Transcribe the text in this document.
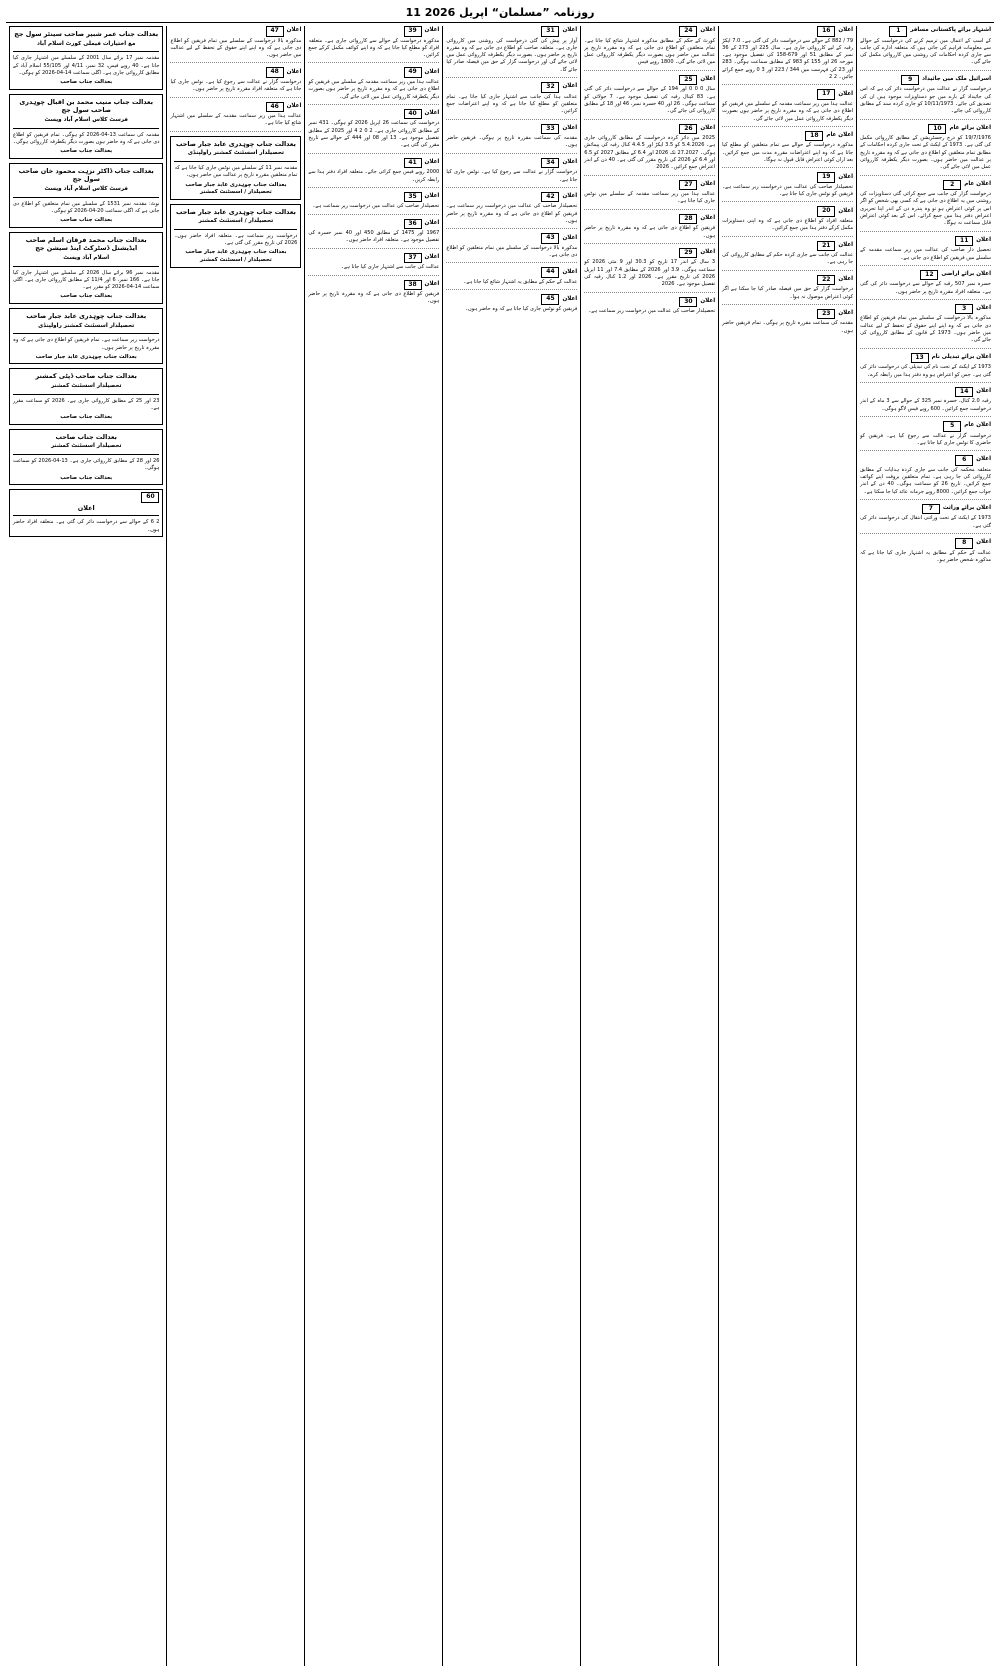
روزنامہ ”مسلمان“ 11 اپریل 2026
1	اشتہار برائے پاکستانی مسافر
کے اسپ کے اعمال میں ترمیم کرنے کی درخواست کے حوالے سے معلومات فراہم کی جاتی ہیں کہ متعلقہ ادارے کی جانب سے جاری کردہ احکامات کی روشنی میں کارروائی مکمل کی جائے گی۔
9	اسرائیل ملک میں جائیداد
درخواست گزار نے عدالت میں درخواست دائر کی ہے کہ اس کی جائیداد کے بارے میں جو دستاویزات موجود ہیں ان کی تصدیق کی جائے۔ 10/11/1973 کو جاری کردہ سند کے مطابق کارروائی کی جائے۔
10	اعلان برائے عام
19/7/1976 کو درج رجسٹریشن کے مطابق کارروائی مکمل کی گئی ہے۔ 1973 کے ایکٹ کے تحت جاری کردہ احکامات کے مطابق تمام متعلقین کو اطلاع دی جاتی ہے کہ وہ مقررہ تاریخ پر عدالت میں حاضر ہوں۔ بصورت دیگر یکطرفہ کارروائی عمل میں لائی جائے گی۔
2	اعلان عام
درخواست گزار کی جانب سے جمع کرائی گئی دستاویزات کی روشنی میں یہ اطلاع دی جاتی ہے کہ کسی بھی شخص کو اگر اس پر کوئی اعتراض ہو تو وہ پندرہ دن کے اندر اپنا تحریری اعتراض دفتر ہذا میں جمع کرائے۔ اس کے بعد کوئی اعتراض قابل سماعت نہ ہوگا۔
11	اعلان
تحصیل دار صاحب کی عدالت میں زیر سماعت مقدمہ کے سلسلے میں فریقین کو اطلاع دی جاتی ہے۔
12	اعلان برائے اراضی
خسرہ نمبر 507 رقبہ کے حوالے سے درخواست دائر کی گئی ہے۔ متعلقہ افراد مقررہ تاریخ پر حاضر ہوں۔
3	اعلان
مذکورہ بالا درخواست کے سلسلے میں تمام فریقین کو اطلاع دی جاتی ہے کہ وہ اپنے اپنے حقوق کے تحفظ کے لیے عدالت میں حاضر ہوں۔ 1973 کے قانون کے مطابق کارروائی کی جائے گی۔
13	اعلان برائے تبدیلی نام
1973 کے ایکٹ کے تحت نام کی تبدیلی کی درخواست دائر کی گئی ہے۔ جس کو اعتراض ہو وہ دفتر ہذا میں رابطہ کرے۔
14	اعلان
رقبہ 2.0 کنال، خسرہ نمبر 325 کے حوالے سے 3 ماہ کے اندر درخواست جمع کرائیں۔ 600 روپے فیس لاگو ہوگی۔
5	اعلان عام
درخواست گزار نے عدالت سے رجوع کیا ہے۔ فریقین کو حاضری کا نوٹس جاری کیا جاتا ہے۔
6	اعلان
متعلقہ محکمہ کی جانب سے جاری کردہ ہدایات کے مطابق کارروائی کی جا رہی ہے۔ تمام متعلقین بروقت اپنے کوائف جمع کرائیں۔ تاریخ 26 کو سماعت ہوگی۔ 40 دن کے اندر جواب جمع کرائیں۔ 8000 روپے جرمانہ عائد کیا جا سکتا ہے۔
7	اعلان برائے وراثت
1973 کے ایکٹ کے تحت وراثتی انتقال کی درخواست دائر کی گئی ہے۔
8	اعلان
عدالت کے حکم کے مطابق یہ اشتہار جاری کیا جاتا ہے کہ مذکورہ شخص حاضر ہو۔
16	اعلان
79 / 882 کے حوالے سے درخواست دائر کی گئی ہے۔ 7.0 ایکڑ رقبہ کے لیے کارروائی جاری ہے۔ سال 225 اور 273 کے 36 نمبر کے مطابق 51 اور 679-158 کی تفصیل موجود ہے۔ مورخہ 26 اور 155 کو 983 کے مطابق سماعت ہوگی۔ 283 اور 23 کی فہرست میں 344 / 223 اور 3 0 روپے جمع کرائے جائیں۔ 2 2
17	اعلان
عدالت ہذا میں زیر سماعت مقدمہ کے سلسلے میں فریقین کو اطلاع دی جاتی ہے کہ وہ مقررہ تاریخ پر حاضر ہوں بصورت دیگر یکطرفہ کارروائی عمل میں لائی جائے گی۔
18	اعلان عام
مذکورہ درخواست کے حوالے سے تمام متعلقین کو مطلع کیا جاتا ہے کہ وہ اپنے اعتراضات مقررہ مدت میں جمع کرائیں۔ بعد ازاں کوئی اعتراض قابل قبول نہ ہوگا۔
19	اعلان
تحصیلدار صاحب کی عدالت میں درخواست زیر سماعت ہے۔ فریقین کو نوٹس جاری کیا جاتا ہے۔
20	اعلان
متعلقہ افراد کو اطلاع دی جاتی ہے کہ وہ اپنی دستاویزات مکمل کرکے دفتر ہذا میں جمع کرائیں۔
21	اعلان
عدالت کی جانب سے جاری کردہ حکم کے مطابق کارروائی کی جا رہی ہے۔
22	اعلان
درخواست گزار کے حق میں فیصلہ صادر کیا جا سکتا ہے اگر کوئی اعتراض موصول نہ ہوا۔
23	اعلان
مقدمہ کی سماعت مقررہ تاریخ پر ہوگی۔ تمام فریقین حاضر ہوں۔
24	اعلان
کورٹ کے حکم کے مطابق مذکورہ اشتہار شائع کیا جاتا ہے۔ تمام متعلقین کو اطلاع دی جاتی ہے کہ وہ مقررہ تاریخ پر عدالت میں حاضر ہوں بصورت دیگر یکطرفہ کارروائی عمل میں لائی جائے گی۔ 1800 روپے فیس
25	اعلان
سال 0 0 0 اور 194 کے حوالے سے درخواست دائر کی گئی ہے۔ 83 کینال رقبہ کی تفصیل موجود ہے۔ 7 جولائی کو سماعت ہوگی۔ 26 اور 40 خسرہ نمبر، 46 اور 18 کے مطابق کارروائی کی جائے گی۔
26	اعلان
2025 میں دائر کردہ درخواست کے مطابق کارروائی جاری ہے۔ 5.4.2026 کو 3.5 ایکڑ اور 4.4.5 کنال رقبہ کی پیمائش ہوگی۔ 27.2027 تک 2026 اور 6.4 کے مطابق 2027 کو 6.5 اور 6.4 کو 2026 کی تاریخ مقرر کی گئی ہے۔ 40 دن کے اندر اعتراض جمع کرائیں۔ 2026
27	اعلان
عدالت ہذا میں زیر سماعت مقدمہ کے سلسلے میں نوٹس جاری کیا جاتا ہے۔
28	اعلان
فریقین کو اطلاع دی جاتی ہے کہ وہ مقررہ تاریخ پر حاضر ہوں۔
29	اعلان
3 سال کے اندر 17 تاریخ کو 30.3 اور 9 مئی 2026 کو سماعت ہوگی۔ 3.9 اور 2026 کے مطابق 7.4 اور 11 اپریل 2026 کی تاریخ مقرر ہے۔ 2026 اور 1.2 کنال رقبہ کی تفصیل موجود ہے۔ 2026
30	اعلان
تحصیلدار صاحب کی عدالت میں درخواست زیر سماعت ہے۔
31	اعلان
آواز پر پیش کی گئی درخواست کی روشنی میں کارروائی جاری ہے۔ متعلقہ صاحب کو اطلاع دی جاتی ہے کہ وہ مقررہ تاریخ پر حاضر ہوں۔ بصورت دیگر یکطرفہ کارروائی عمل میں لائی جائے گی اور درخواست گزار کے حق میں فیصلہ صادر کیا جائے گا۔
32	اعلان
عدالت ہذا کی جانب سے اشتہار جاری کیا جاتا ہے۔ تمام متعلقین کو مطلع کیا جاتا ہے کہ وہ اپنے اعتراضات جمع کرائیں۔
33	اعلان
مقدمہ کی سماعت مقررہ تاریخ پر ہوگی۔ فریقین حاضر ہوں۔
34	اعلان
درخواست گزار نے عدالت سے رجوع کیا ہے۔ نوٹس جاری کیا جاتا ہے۔
42	اعلان
تحصیلدار صاحب کی عدالت میں درخواست زیر سماعت ہے۔ فریقین کو اطلاع دی جاتی ہے کہ وہ مقررہ تاریخ پر حاضر ہوں۔
43	اعلان
مذکورہ بالا درخواست کے سلسلے میں تمام متعلقین کو اطلاع دی جاتی ہے۔
44	اعلان
عدالت کے حکم کے مطابق یہ اشتہار شائع کیا جاتا ہے۔
45	اعلان
فریقین کو نوٹس جاری کیا جاتا ہے کہ وہ حاضر ہوں۔
39	اعلان
مذکورہ درخواست کے حوالے سے کارروائی جاری ہے۔ متعلقہ افراد کو مطلع کیا جاتا ہے کہ وہ اپنے کوائف مکمل کرکے جمع کرائیں۔
49	اعلان
عدالت ہذا میں زیر سماعت مقدمہ کے سلسلے میں فریقین کو اطلاع دی جاتی ہے کہ وہ مقررہ تاریخ پر حاضر ہوں بصورت دیگر یکطرفہ کارروائی عمل میں لائی جائے گی۔
40	اعلان
درخواست کی سماعت 26 اپریل 2026 کو ہوگی۔ 431 نمبر کے مطابق کارروائی جاری ہے۔ 2 0 2 4 اور 2025 کے مطابق تفصیل موجود ہے۔ 13 اور 08 اور 444 کے حوالے سے تاریخ مقرر کی گئی ہے۔
41	اعلان
2000 روپے فیس جمع کرائی جائے۔ متعلقہ افراد دفتر ہذا سے رابطہ کریں۔
35	اعلان
تحصیلدار صاحب کی عدالت میں درخواست زیر سماعت ہے۔
36	اعلان
1967 اور 1475 کے مطابق 450 اور 40 نمبر خسرہ کی تفصیل موجود ہے۔ متعلقہ افراد حاضر ہوں۔
37	اعلان
عدالت کی جانب سے اشتہار جاری کیا جاتا ہے۔
38	اعلان
فریقین کو اطلاع دی جاتی ہے کہ وہ مقررہ تاریخ پر حاضر ہوں۔
47	اعلان
مذکورہ بالا درخواست کے سلسلے میں تمام فریقین کو اطلاع دی جاتی ہے کہ وہ اپنے اپنے حقوق کے تحفظ کے لیے عدالت میں حاضر ہوں۔
48	اعلان
درخواست گزار نے عدالت سے رجوع کیا ہے۔ نوٹس جاری کیا جاتا ہے کہ متعلقہ افراد مقررہ تاریخ پر حاضر ہوں۔
46	اعلان
عدالت ہذا میں زیر سماعت مقدمہ کے سلسلے میں اشتہار شائع کیا جاتا ہے۔
بعدالت جناب چوہدری عابد جبار صاحب
تحصیلدار اسسٹنٹ کمشنر راولپنڈی
مقدمہ نمبر 11 کے سلسلے میں نوٹس جاری کیا جاتا ہے کہ تمام متعلقین مقررہ تاریخ پر عدالت میں حاضر ہوں۔
بعدالت جناب چوہدری عابد جبار صاحب تحصیلدار / اسسٹنٹ کمشنر
بعدالت جناب چوہدری عابد جبار صاحب
تحصیلدار / اسسٹنٹ کمشنر
درخواست زیر سماعت ہے۔ متعلقہ افراد حاضر ہوں۔ 2026 کی تاریخ مقرر کی گئی ہے۔
بعدالت جناب چوہدری عابد جبار صاحب تحصیلدار / اسسٹنٹ کمشنر
بعدالت جناب عمر شبیر صاحب سینئر سول جج
مع اختیارات فیملی کورٹ اسلام آباد
مقدمہ نمبر 17 برائے سال 2001 کے سلسلے میں اشتہار جاری کیا جاتا ہے۔ 40 روپے فیس، 32 نمبر، 4/11 اور 55/105 اسلام آباد کے مطابق کارروائی جاری ہے۔ اگلی سماعت 14-04-2026 کو ہوگی۔
بعدالت جناب صاحب
بعدالت جناب منیب محمد بن اقبال چوہدری صاحب سول جج
فرسٹ کلاس اسلام آباد ویسٹ
مقدمہ کی سماعت 13-04-2026 کو ہوگی۔ تمام فریقین کو اطلاع دی جاتی ہے کہ وہ حاضر ہوں بصورت دیگر یکطرفہ کارروائی ہوگی۔
بعدالت جناب صاحب
بعدالت جناب ڈاکٹر نزہت محمود خان صاحب سول جج
فرسٹ کلاس اسلام آباد ویسٹ
نوٹ: مقدمہ نمبر 1531 کے سلسلے میں تمام متعلقین کو اطلاع دی جاتی ہے کہ اگلی سماعت 20-04-2026 کو ہوگی۔
بعدالت جناب صاحب
بعدالت جناب محمد فرقان اسلم صاحب ایڈیشنل ڈسٹرکٹ اینڈ سیشن جج
اسلام آباد ویسٹ
مقدمہ نمبر 96 برائے سال 2026 کے سلسلے میں اشتہار جاری کیا جاتا ہے۔ 166 نمبر، 6 اور 11/4 کے مطابق کارروائی جاری ہے۔ اگلی سماعت 14-04-2026 کو مقرر ہے۔
بعدالت جناب صاحب
بعدالت جناب چوہدری عابد جبار صاحب
تحصیلدار اسسٹنٹ کمشنر راولپنڈی
درخواست زیر سماعت ہے۔ تمام فریقین کو اطلاع دی جاتی ہے کہ وہ مقررہ تاریخ پر حاضر ہوں۔
بعدالت جناب چوہدری عابد جبار صاحب
بعدالت جناب صاحب ڈپٹی کمشنر
تحصیلدار اسسٹنٹ کمشنر
23 اور 25 کے مطابق کارروائی جاری ہے۔ 2026 کو سماعت مقرر ہے۔
بعدالت جناب صاحب
بعدالت جناب صاحب
تحصیلدار اسسٹنٹ کمشنر
26 اور 28 کے مطابق کارروائی جاری ہے۔ 13-04-2026 کو سماعت ہوگی۔
بعدالت جناب صاحب
60
اعلان
2 6 کے حوالے سے درخواست دائر کی گئی ہے۔ متعلقہ افراد حاضر ہوں۔
